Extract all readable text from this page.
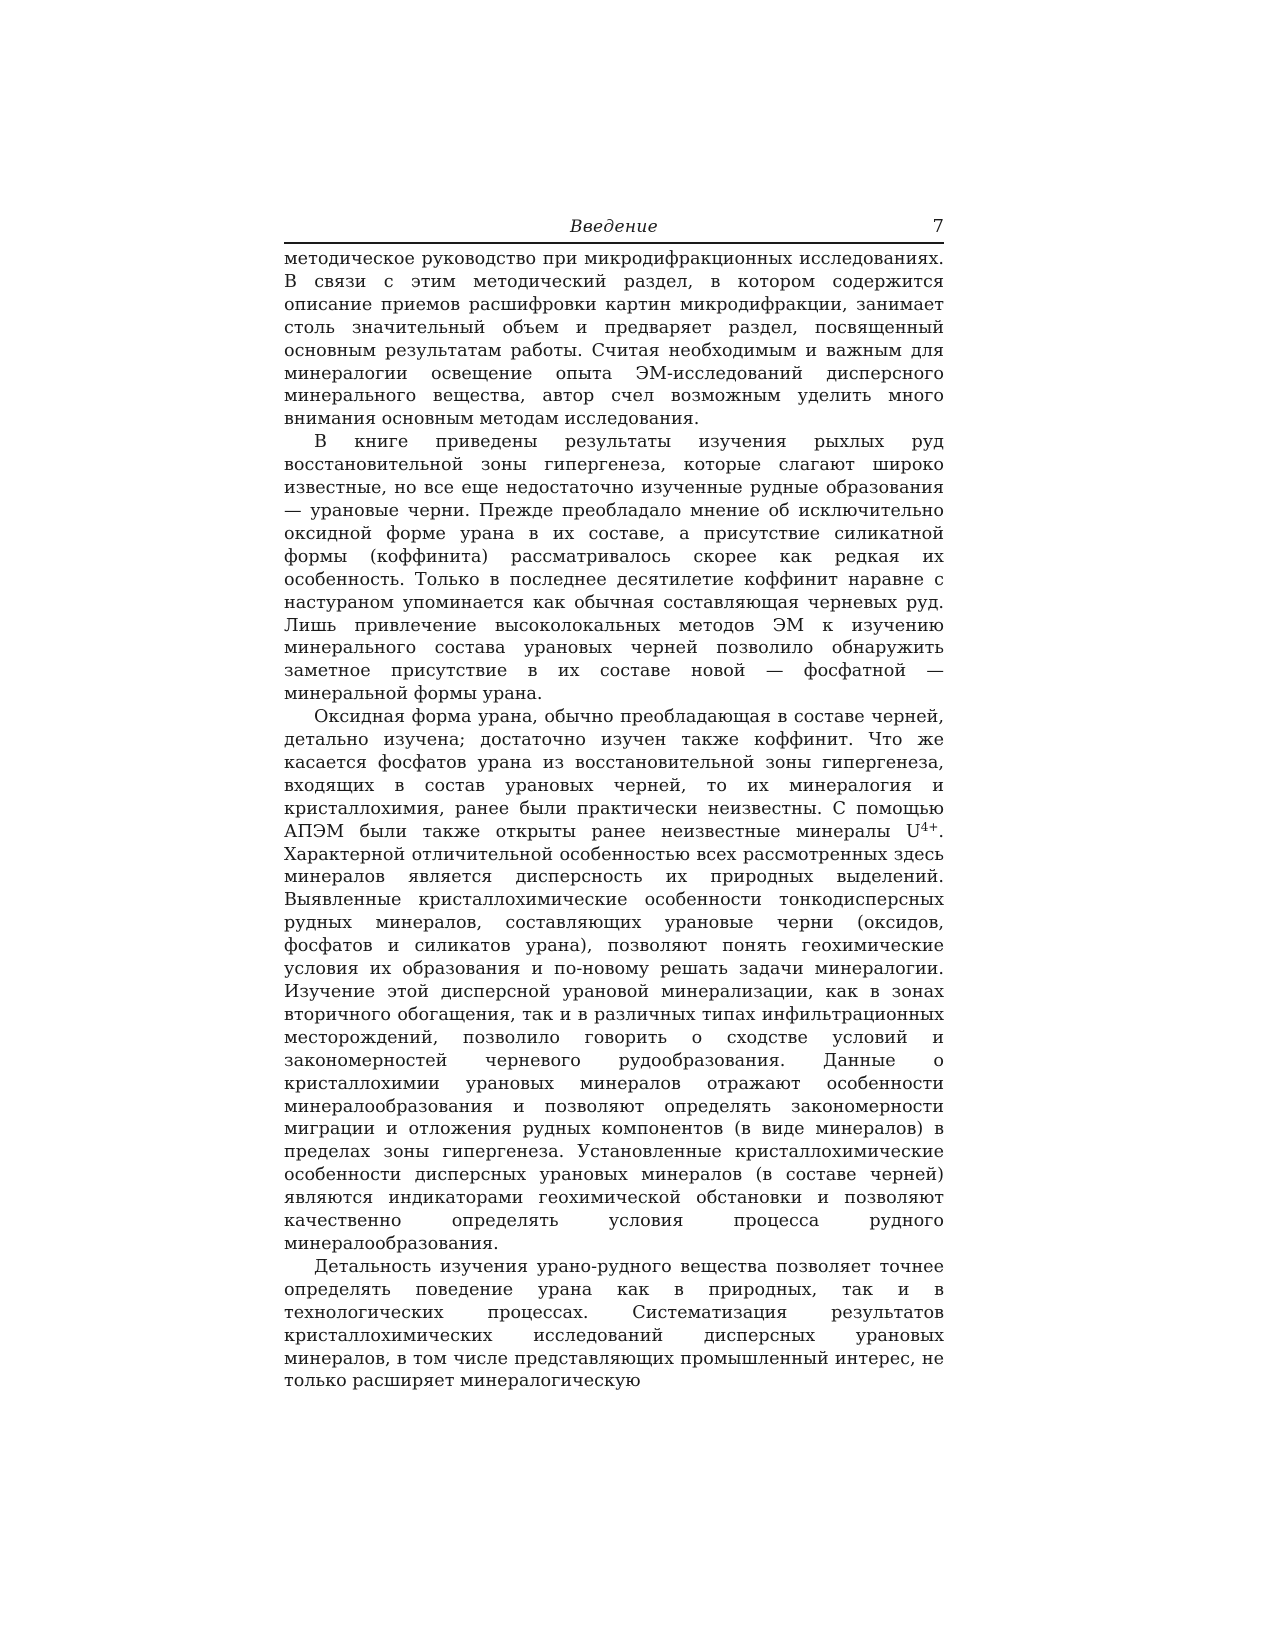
Введение	7

методическое руководство при микродифракционных исследованиях. В связи с этим методический раздел, в котором содержится описание приемов расшифровки картин микродифракции, занимает столь значительный объем и предваряет раздел, посвященный основным результатам работы. Считая необходимым и важным для минералогии освещение опыта ЭМ-исследований дисперсного минерального вещества, автор счел возможным уделить много внимания основным методам исследования.

В книге приведены результаты изучения рыхлых руд восстановительной зоны гипергенеза, которые слагают широко известные, но все еще недостаточно изученные рудные образования — урановые черни. Прежде преобладало мнение об исключительно оксидной форме урана в их составе, а присутствие силикатной формы (коффинита) рассматривалось скорее как редкая их особенность. Только в последнее десятилетие коффинит наравне с настураном упоминается как обычная составляющая черневых руд. Лишь привлечение высоколокальных методов ЭМ к изучению минерального состава урановых черней позволило обнаружить заметное присутствие в их составе новой — фосфатной — минеральной формы урана.

Оксидная форма урана, обычно преобладающая в составе черней, детально изучена; достаточно изучен также коффинит. Что же касается фосфатов урана из восстановительной зоны гипергенеза, входящих в состав урановых черней, то их минералогия и кристаллохимия, ранее были практически неизвестны. С помощью АПЭМ были также открыты ранее неизвестные минералы $U^{4+}$. Характерной отличительной особенностью всех рассмотренных здесь минералов является дисперсность их природных выделений. Выявленные кристаллохимические особенности тонкодисперсных рудных минералов, составляющих урановые черни (оксидов, фосфатов и силикатов урана), позволяют понять геохимические условия их образования и по-новому решать задачи минералогии. Изучение этой дисперсной урановой минерализации, как в зонах вторичного обогащения, так и в различных типах инфильтрационных месторождений, позволило говорить о сходстве условий и закономерностей черневого рудообразования. Данные о кристаллохимии урановых минералов отражают особенности минералообразования и позволяют определять закономерности миграции и отложения рудных компонентов (в виде минералов) в пределах зоны гипергенеза. Установленные кристаллохимические особенности дисперсных урановых минералов (в составе черней) являются индикаторами геохимической обстановки и позволяют качественно определять условия процесса рудного минералообразования.

Детальность изучения урано-рудного вещества позволяет точнее определять поведение урана как в природных, так и в технологических процессах. Систематизация результатов кристаллохимических исследований дисперсных урановых минералов, в том числе представляющих промышленный интерес, не только расширяет минералогическую
